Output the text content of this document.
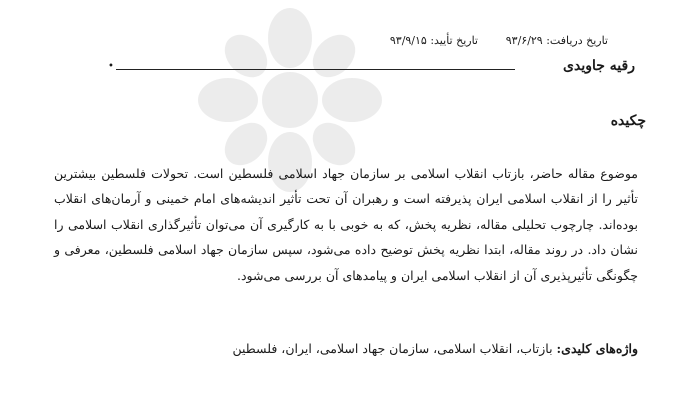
تاریخ دریافت: ۹۳/۶/۲۹
تاریخ تأیید: ۹۳/۹/۱۵
رقیه جاویدی
•
چکیده

موضوع مقاله حاضر، بازتاب انقلاب اسلامی بر سازمان جهاد اسلامی فلسطین است. تحولات فلسطین بیشترین تأثیر را از انقلاب اسلامی ایران پذیرفته است و رهبران آن تحت تأثیر اندیشه‌های امام خمینی و آرمان‌های انقلاب بوده‌اند. چارچوب تحلیلی مقاله، نظریه پخش، که به خوبی با به کارگیری آن می‌توان تأثیرگذاری انقلاب اسلامی را نشان داد. در روند مقاله، ابتدا نظریه پخش توضیح داده می‌شود، سپس سازمان جهاد اسلامی فلسطین، معرفی و چگونگی تأثیرپذیری آن از انقلاب اسلامی ایران و پیامدهای آن بررسی می‌شود.

واژه‌های کلیدی: بازتاب، انقلاب اسلامی، سازمان جهاد اسلامی، ایران، فلسطین
